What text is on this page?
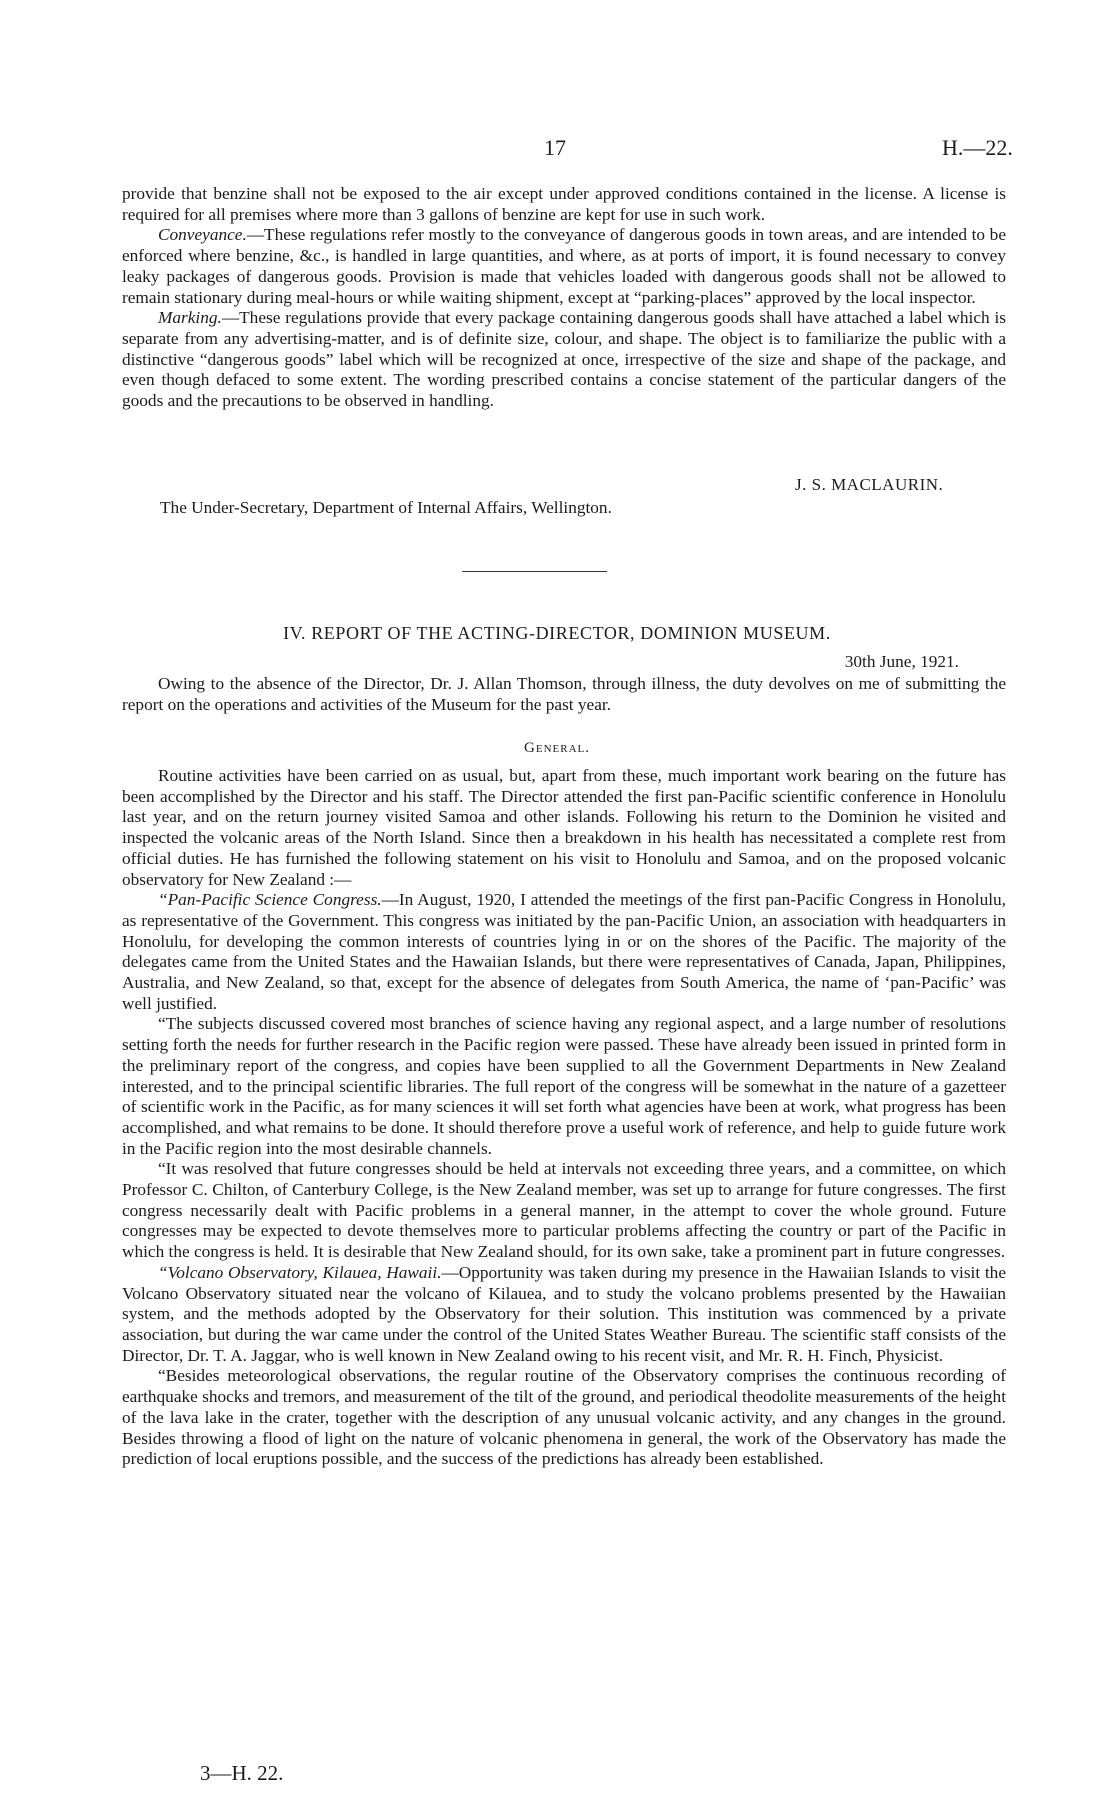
17	H.—22.

provide that benzine shall not be exposed to the air except under approved conditions contained in the license. A license is required for all premises where more than 3 gallons of benzine are kept for use in such work.

Conveyance.—These regulations refer mostly to the conveyance of dangerous goods in town areas, and are intended to be enforced where benzine, &c., is handled in large quantities, and where, as at ports of import, it is found necessary to convey leaky packages of dangerous goods. Provision is made that vehicles loaded with dangerous goods shall not be allowed to remain stationary during meal-hours or while waiting shipment, except at “parking-places” approved by the local inspector.

Marking.—These regulations provide that every package containing dangerous goods shall have attached a label which is separate from any advertising-matter, and is of definite size, colour, and shape. The object is to familiarize the public with a distinctive “dangerous goods” label which will be recognized at once, irrespective of the size and shape of the package, and even though defaced to some extent. The wording prescribed contains a concise statement of the particular dangers of the goods and the precautions to be observed in handling.

J. S. MACLAURIN.
The Under-Secretary, Department of Internal Affairs, Wellington.
IV. REPORT OF THE ACTING-DIRECTOR, DOMINION MUSEUM.
30th June, 1921.

Owing to the absence of the Director, Dr. J. Allan Thomson, through illness, the duty devolves on me of submitting the report on the operations and activities of the Museum for the past year.

General.

Routine activities have been carried on as usual, but, apart from these, much important work bearing on the future has been accomplished by the Director and his staff. The Director attended the first pan-Pacific scientific conference in Honolulu last year, and on the return journey visited Samoa and other islands. Following his return to the Dominion he visited and inspected the volcanic areas of the North Island. Since then a breakdown in his health has necessitated a complete rest from official duties. He has furnished the following statement on his visit to Honolulu and Samoa, and on the proposed volcanic observatory for New Zealand :—

“Pan-Pacific Science Congress.—In August, 1920, I attended the meetings of the first pan-Pacific Congress in Honolulu, as representative of the Government. This congress was initiated by the pan-Pacific Union, an association with headquarters in Honolulu, for developing the common interests of countries lying in or on the shores of the Pacific. The majority of the delegates came from the United States and the Hawaiian Islands, but there were representatives of Canada, Japan, Philippines, Australia, and New Zealand, so that, except for the absence of delegates from South America, the name of ‘pan-Pacific’ was well justified.

“The subjects discussed covered most branches of science having any regional aspect, and a large number of resolutions setting forth the needs for further research in the Pacific region were passed. These have already been issued in printed form in the preliminary report of the congress, and copies have been supplied to all the Government Departments in New Zealand interested, and to the principal scientific libraries. The full report of the congress will be somewhat in the nature of a gazetteer of scientific work in the Pacific, as for many sciences it will set forth what agencies have been at work, what progress has been accomplished, and what remains to be done. It should therefore prove a useful work of reference, and help to guide future work in the Pacific region into the most desirable channels.

“It was resolved that future congresses should be held at intervals not exceeding three years, and a committee, on which Professor C. Chilton, of Canterbury College, is the New Zealand member, was set up to arrange for future congresses. The first congress necessarily dealt with Pacific problems in a general manner, in the attempt to cover the whole ground. Future congresses may be expected to devote themselves more to particular problems affecting the country or part of the Pacific in which the congress is held. It is desirable that New Zealand should, for its own sake, take a prominent part in future congresses.

“Volcano Observatory, Kilauea, Hawaii.—Opportunity was taken during my presence in the Hawaiian Islands to visit the Volcano Observatory situated near the volcano of Kilauea, and to study the volcano problems presented by the Hawaiian system, and the methods adopted by the Observatory for their solution. This institution was commenced by a private association, but during the war came under the control of the United States Weather Bureau. The scientific staff consists of the Director, Dr. T. A. Jaggar, who is well known in New Zealand owing to his recent visit, and Mr. R. H. Finch, Physicist.

“Besides meteorological observations, the regular routine of the Observatory comprises the continuous recording of earthquake shocks and tremors, and measurement of the tilt of the ground, and periodical theodolite measurements of the height of the lava lake in the crater, together with the description of any unusual volcanic activity, and any changes in the ground. Besides throwing a flood of light on the nature of volcanic phenomena in general, the work of the Observatory has made the prediction of local eruptions possible, and the success of the predictions has already been established.

3—H. 22.
